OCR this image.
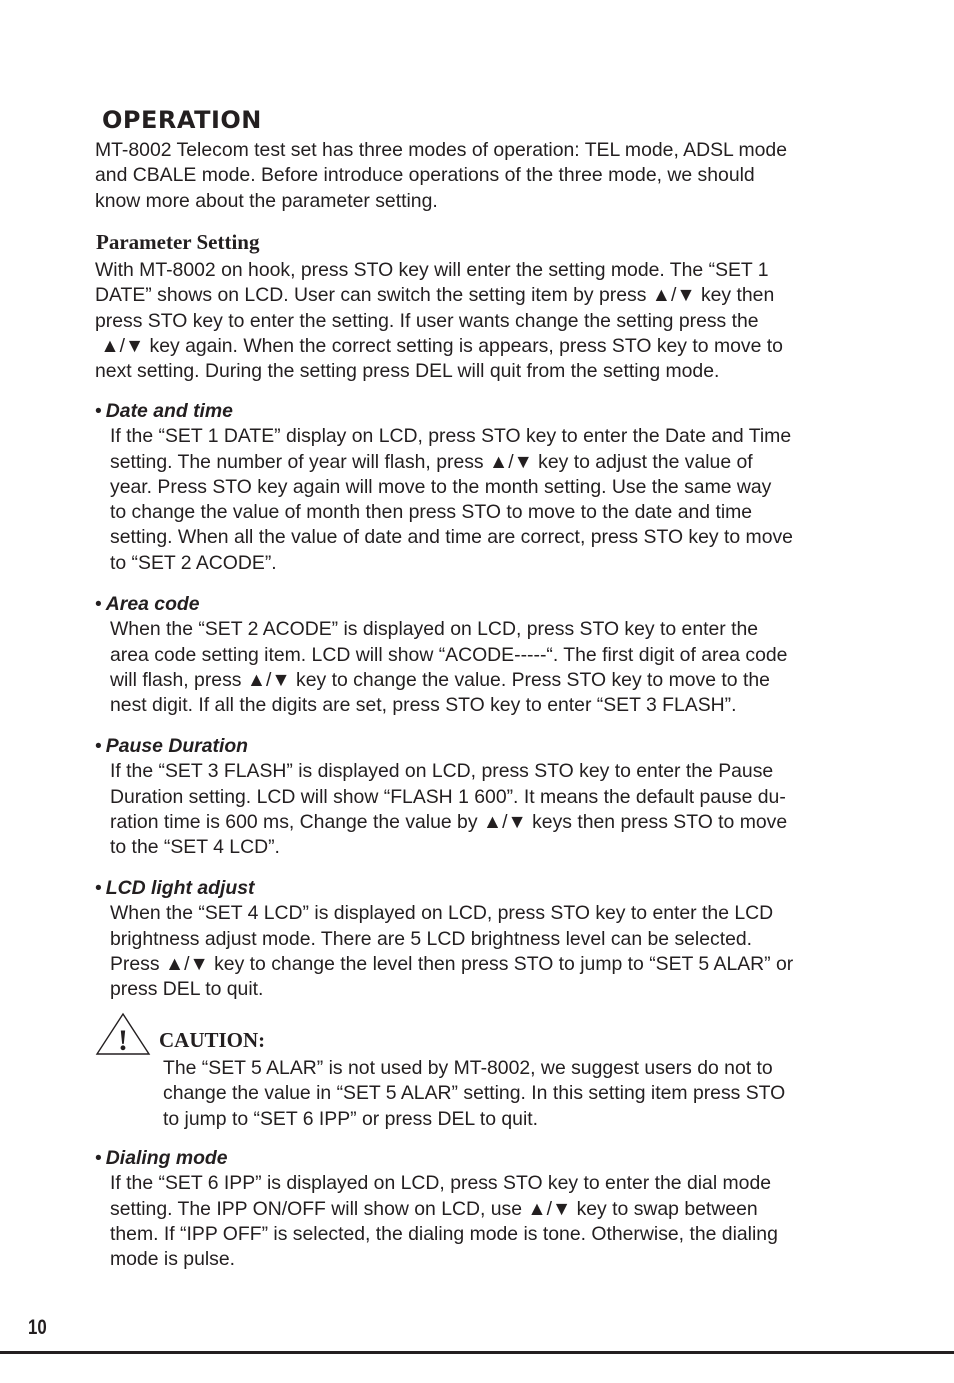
OPERATION

MT-8002 Telecom test set has three modes of operation: TEL mode, ADSL mode

and CBALE mode. Before introduce operations of the three mode, we should

know more about the parameter setting.

Parameter Setting

With MT-8002 on hook, press STO key will enter the setting mode. The “SET 1

DATE” shows on LCD. User can switch the setting item by press ▲/▼ key then

press STO key to enter the setting. If user wants change the setting press the

▲/▼ key again. When the correct setting is appears, press STO key to move to

next setting. During the setting press DEL will quit from the setting mode.

• Date and time

If the “SET 1 DATE” display on LCD, press STO key to enter the Date and Time

setting. The number of year will flash, press ▲/▼ key to adjust the value of

year. Press STO key again will move to the month setting. Use the same way

to change the value of month then press STO to move to the date and time

setting. When all the value of date and time are correct, press STO key to move

to “SET 2 ACODE”.

• Area code

When the “SET 2 ACODE” is displayed on LCD, press STO key to enter the

area code setting item. LCD will show “ACODE-----“. The first digit of area code

will flash, press ▲/▼ key to change the value. Press STO key to move to the

nest digit. If all the digits are set, press STO key to enter “SET 3 FLASH”.

• Pause Duration

If the “SET 3 FLASH” is displayed on LCD, press STO key to enter the Pause

Duration setting. LCD will show “FLASH 1 600”. It means the default pause du-

ration time is 600 ms, Change the value by ▲/▼ keys then press STO to move

to the “SET 4 LCD”.

• LCD light adjust

When the “SET 4 LCD” is displayed on LCD, press STO key to enter the LCD

brightness adjust mode. There are 5 LCD brightness level can be selected.

Press ▲/▼ key to change the level then press STO to jump to “SET 5 ALAR” or

press DEL to quit.

! CAUTION:

The “SET 5 ALAR” is not used by MT-8002, we suggest users do not to

change the value in “SET 5 ALAR” setting. In this setting item press STO

to jump to “SET 6 IPP” or press DEL to quit.

• Dialing mode

If the “SET 6 IPP” is displayed on LCD, press STO key to enter the dial mode

setting. The IPP ON/OFF will show on LCD, use ▲/▼ key to swap between

them. If “IPP OFF” is selected, the dialing mode is tone. Otherwise, the dialing

mode is pulse.

10
